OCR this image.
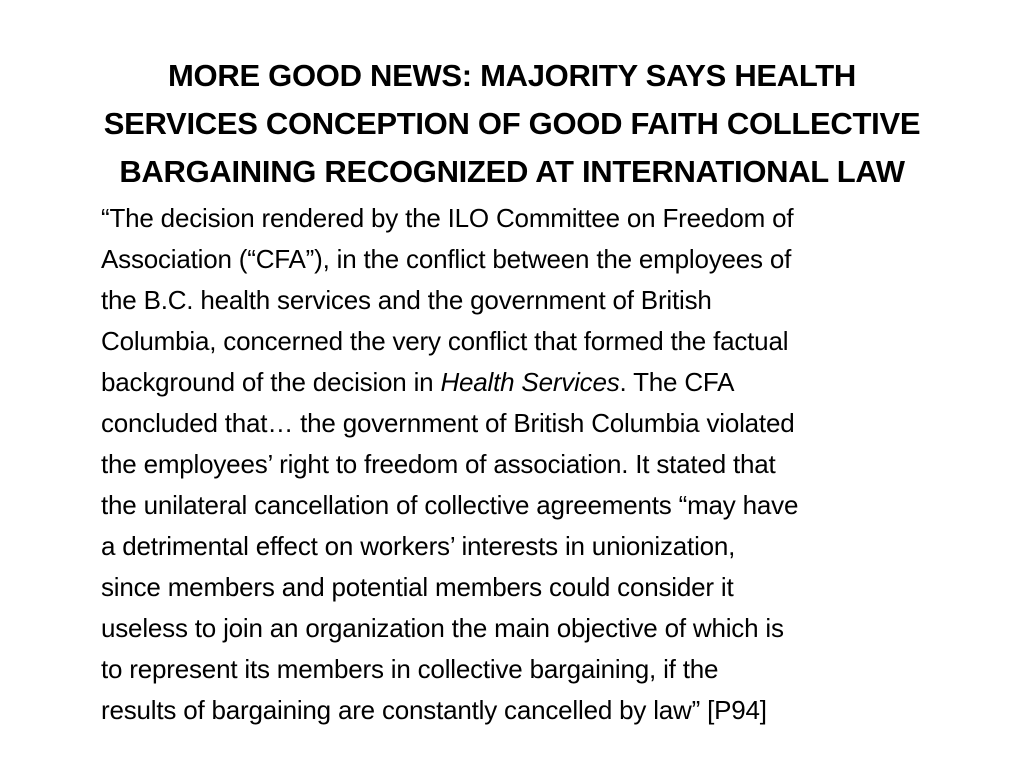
MORE GOOD NEWS: MAJORITY SAYS HEALTH
SERVICES CONCEPTION OF GOOD FAITH COLLECTIVE
BARGAINING RECOGNIZED AT INTERNATIONAL LAW
“The decision rendered by the ILO Committee on Freedom of
Association (“CFA”), in the conflict between the employees of
the B.C. health services and the government of British
Columbia, concerned the very conflict that formed the factual
background of the decision in Health Services. The CFA
concluded that… the government of British Columbia violated
the employees’ right to freedom of association. It stated that
the unilateral cancellation of collective agreements “may have
a detrimental effect on workers’ interests in unionization,
since members and potential members could consider it
useless to join an organization the main objective of which is
to represent its members in collective bargaining, if the
results of bargaining are constantly cancelled by law” [P94]
